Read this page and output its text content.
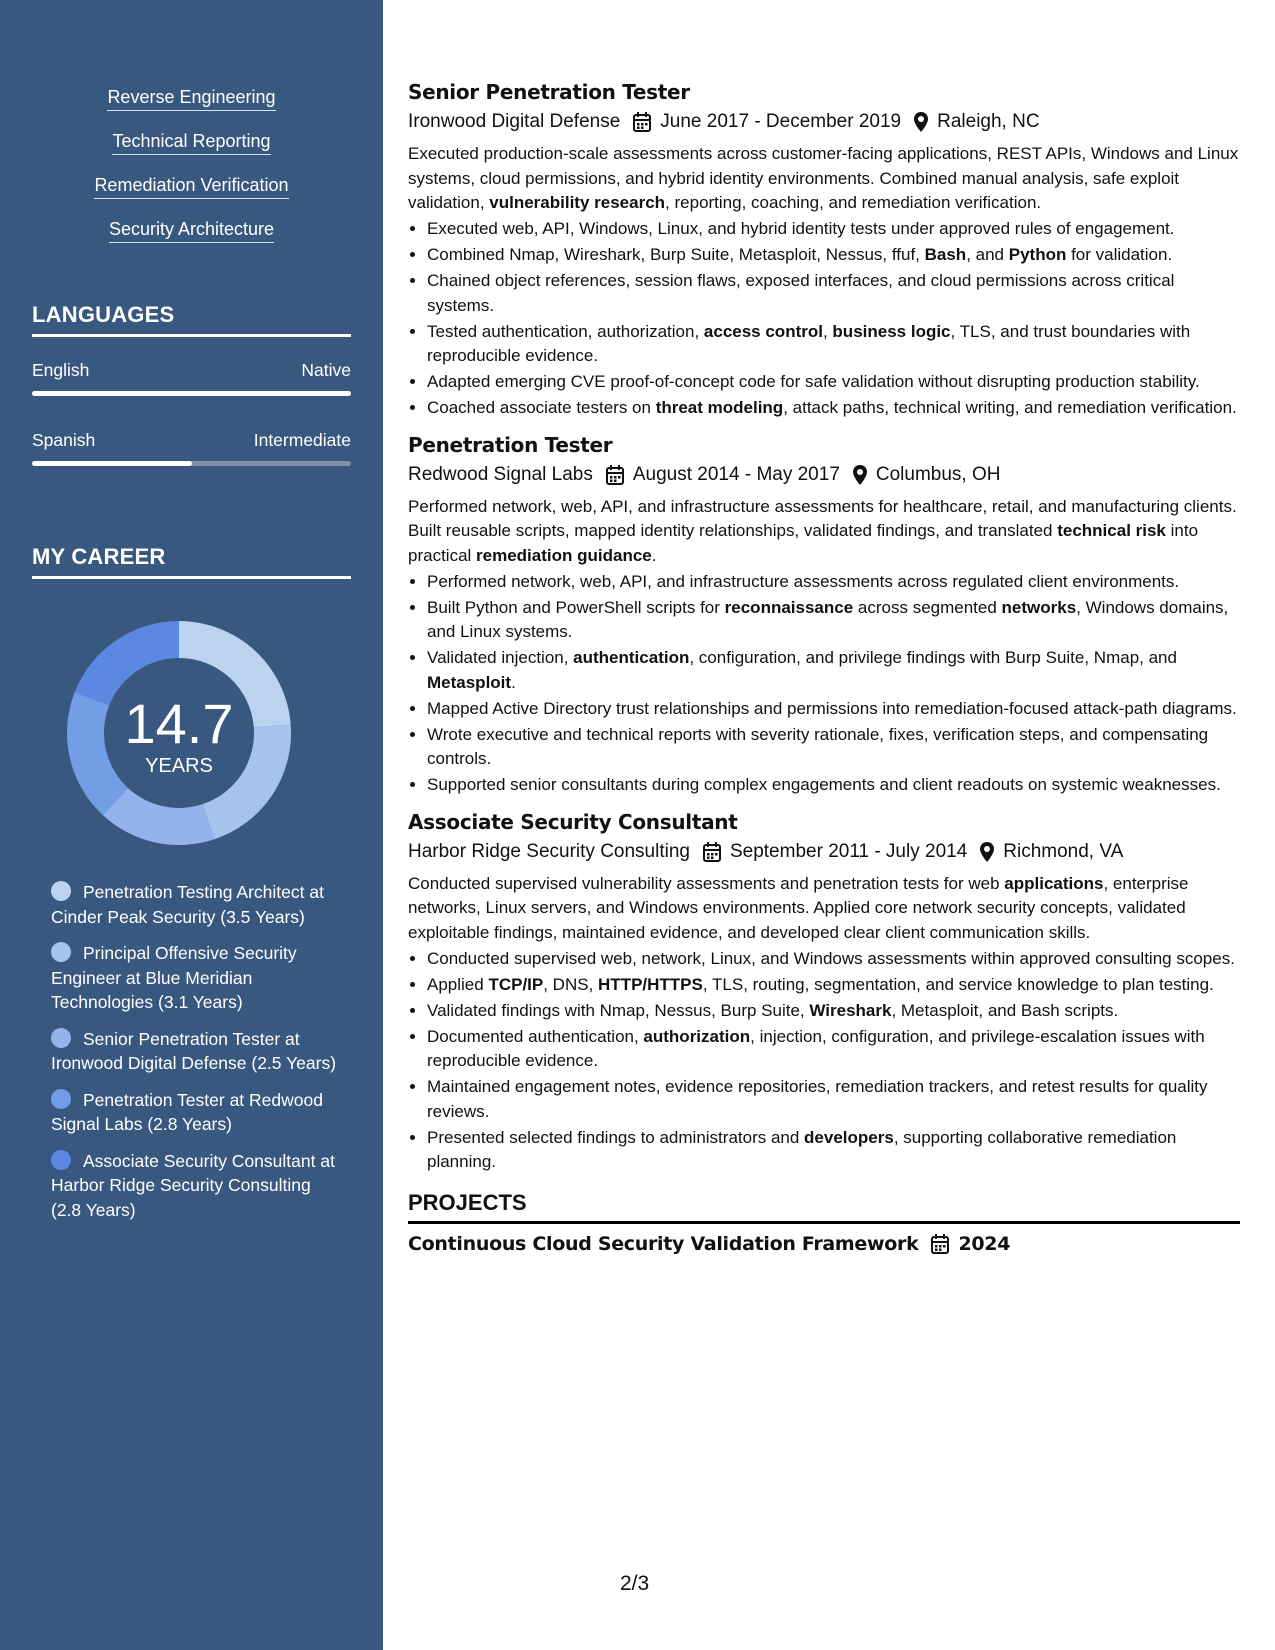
Reverse Engineering
Technical Reporting
Remediation Verification
Security Architecture
LANGUAGES
English	Native
Spanish	Intermediate
MY CAREER
14.7
YEARS
Penetration Testing Architect at Cinder Peak Security (3.5 Years)
Principal Offensive Security Engineer at Blue Meridian Technologies (3.1 Years)
Senior Penetration Tester at Ironwood Digital Defense (2.5 Years)
Penetration Tester at Redwood Signal Labs (2.8 Years)
Associate Security Consultant at Harbor Ridge Security Consulting (2.8 Years)
Senior Penetration Tester
Ironwood Digital Defense June 2017 - December 2019 Raleigh, NC
Executed production-scale assessments across customer-facing applications, REST APIs, Windows and Linux systems, cloud permissions, and hybrid identity environments. Combined manual analysis, safe exploit validation, vulnerability research, reporting, coaching, and remediation verification.
• Executed web, API, Windows, Linux, and hybrid identity tests under approved rules of engagement.
• Combined Nmap, Wireshark, Burp Suite, Metasploit, Nessus, ffuf, Bash, and Python for validation.
• Chained object references, session flaws, exposed interfaces, and cloud permissions across critical systems.
• Tested authentication, authorization, access control, business logic, TLS, and trust boundaries with reproducible evidence.
• Adapted emerging CVE proof-of-concept code for safe validation without disrupting production stability.
• Coached associate testers on threat modeling, attack paths, technical writing, and remediation verification.
Penetration Tester
Redwood Signal Labs August 2014 - May 2017 Columbus, OH
Performed network, web, API, and infrastructure assessments for healthcare, retail, and manufacturing clients. Built reusable scripts, mapped identity relationships, validated findings, and translated technical risk into practical remediation guidance.
• Performed network, web, API, and infrastructure assessments across regulated client environments.
• Built Python and PowerShell scripts for reconnaissance across segmented networks, Windows domains, and Linux systems.
• Validated injection, authentication, configuration, and privilege findings with Burp Suite, Nmap, and Metasploit.
• Mapped Active Directory trust relationships and permissions into remediation-focused attack-path diagrams.
• Wrote executive and technical reports with severity rationale, fixes, verification steps, and compensating controls.
• Supported senior consultants during complex engagements and client readouts on systemic weaknesses.
Associate Security Consultant
Harbor Ridge Security Consulting September 2011 - July 2014 Richmond, VA
Conducted supervised vulnerability assessments and penetration tests for web applications, enterprise networks, Linux servers, and Windows environments. Applied core network security concepts, validated exploitable findings, maintained evidence, and developed clear client communication skills.
• Conducted supervised web, network, Linux, and Windows assessments within approved consulting scopes.
• Applied TCP/IP, DNS, HTTP/HTTPS, TLS, routing, segmentation, and service knowledge to plan testing.
• Validated findings with Nmap, Nessus, Burp Suite, Wireshark, Metasploit, and Bash scripts.
• Documented authentication, authorization, injection, configuration, and privilege-escalation issues with reproducible evidence.
• Maintained engagement notes, evidence repositories, remediation trackers, and retest results for quality reviews.
• Presented selected findings to administrators and developers, supporting collaborative remediation planning.
PROJECTS
Continuous Cloud Security Validation Framework 2024
2/3
